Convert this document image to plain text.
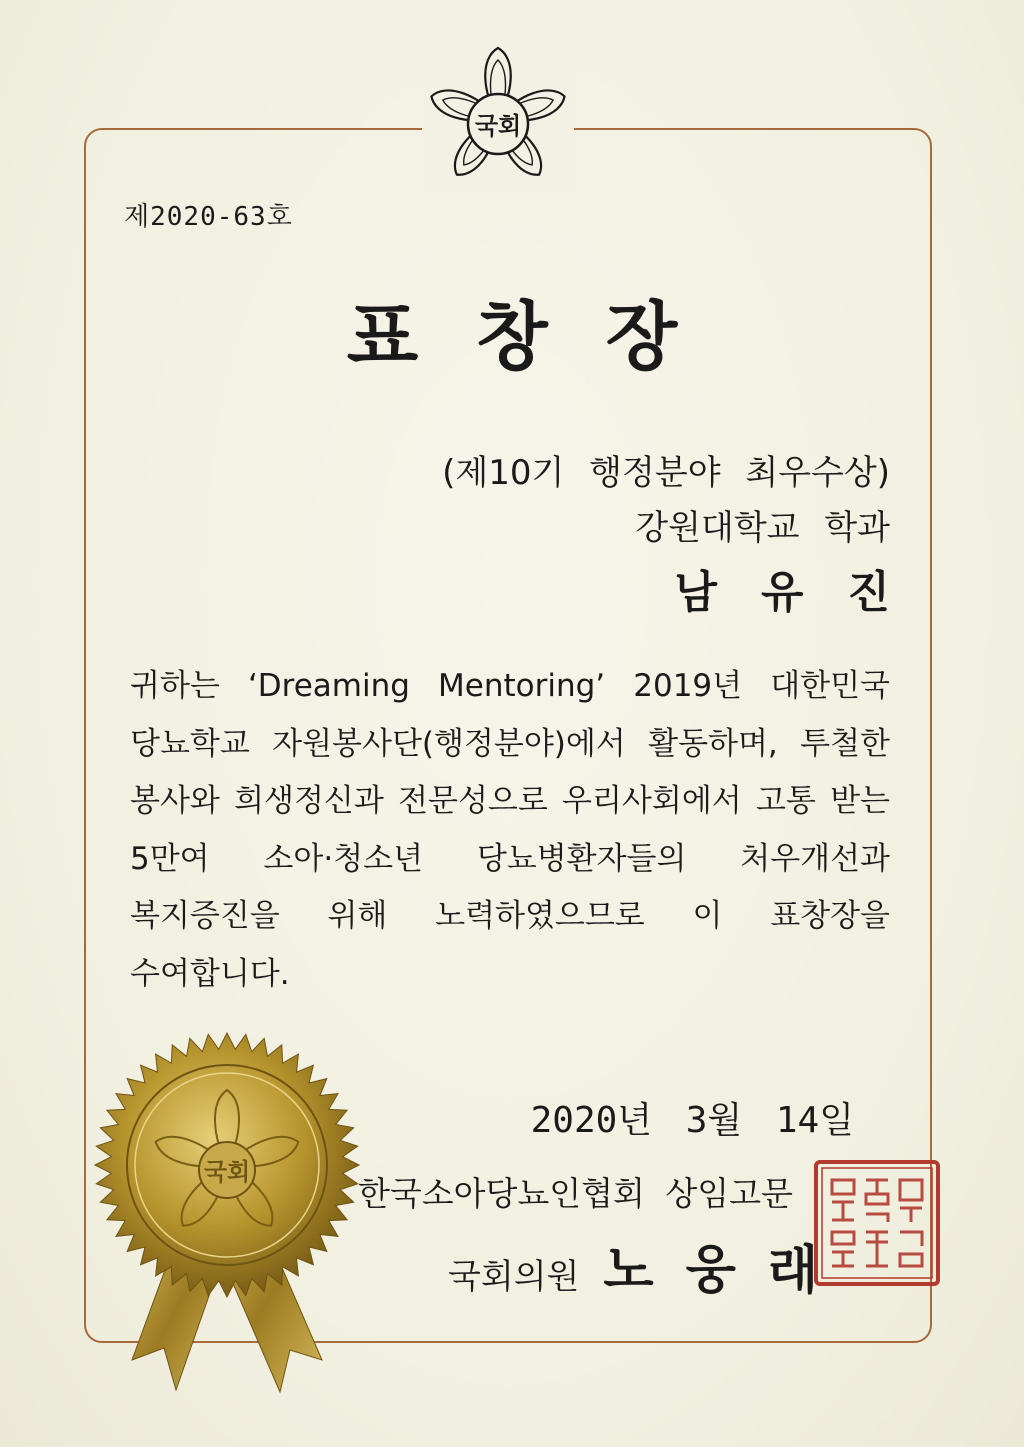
국회
제2020-63호
표창장
(제10기 행정분야 최우수상)
강원대학교 학과
남유진
귀하는 ‘Dreaming Mentoring’ 2019년 대한민국
당뇨학교 자원봉사단(행정분야)에서 활동하며, 투철한
봉사와 희생정신과 전문성으로 우리사회에서 고통 받는
5만여 소아·청소년 당뇨병환자들의 처우개선과
복지증진을 위해 노력하였으므로 이 표창장을
수여합니다.
2020년 3월 14일
한국소아당뇨인협회 상임고문
국회의원 노웅래
국회
